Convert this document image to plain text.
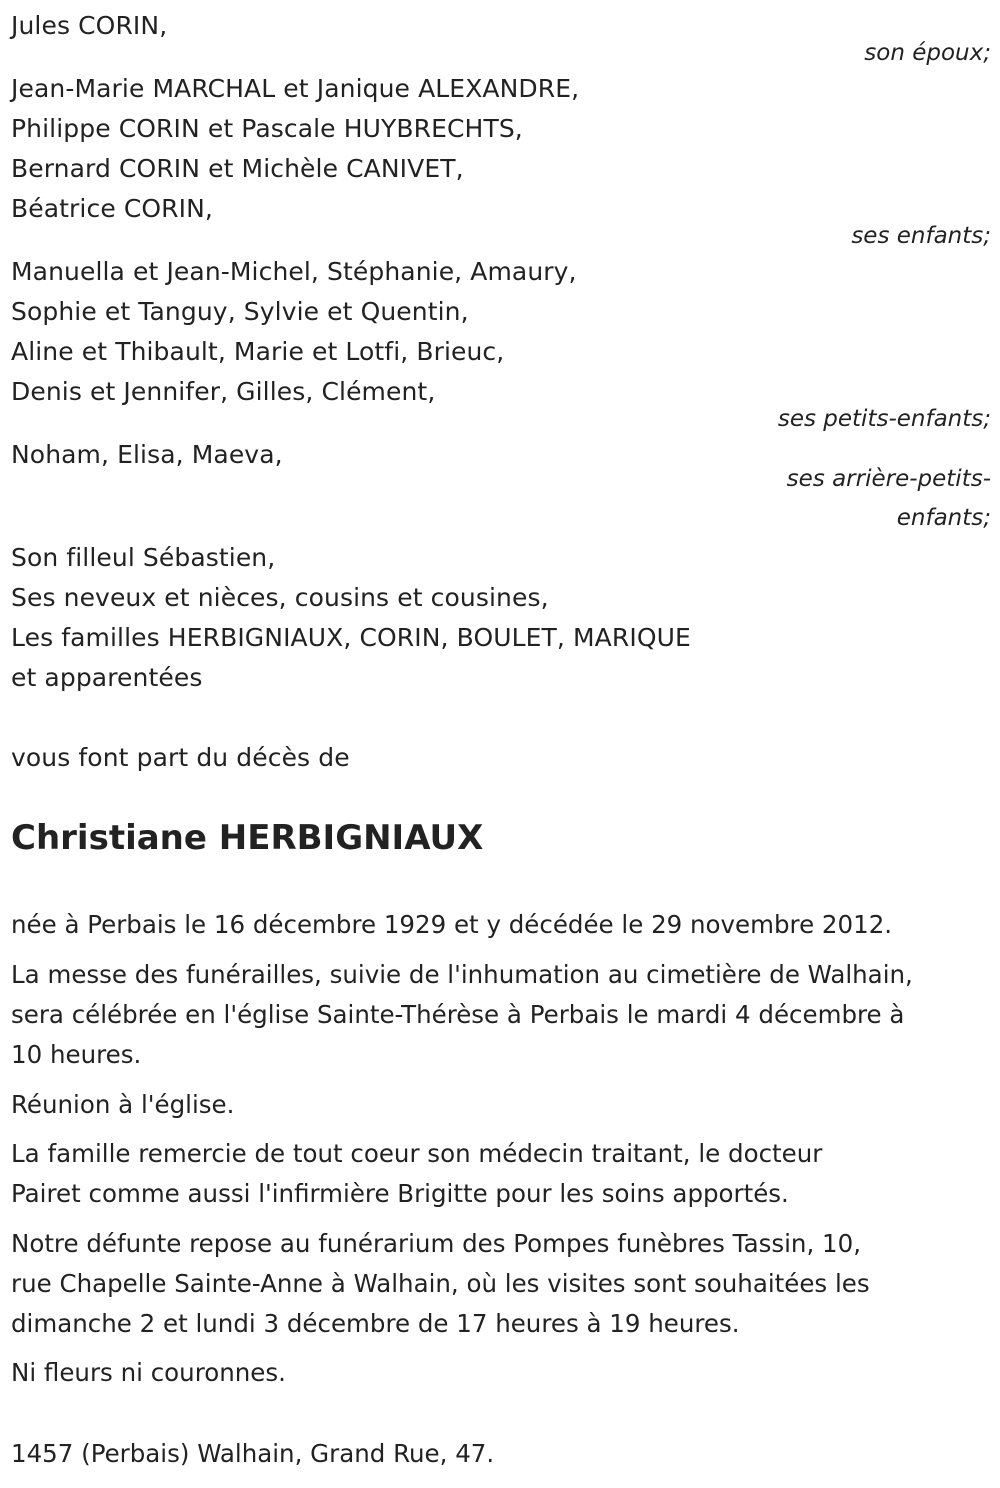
Jules CORIN,
son époux;
Jean-Marie MARCHAL et Janique ALEXANDRE,
Philippe CORIN et Pascale HUYBRECHTS,
Bernard CORIN et Michèle CANIVET,
Béatrice CORIN,
ses enfants;
Manuella et Jean-Michel, Stéphanie, Amaury,
Sophie et Tanguy, Sylvie et Quentin,
Aline et Thibault, Marie et Lotfi, Brieuc,
Denis et Jennifer, Gilles, Clément,
ses petits-enfants;
Noham, Elisa, Maeva,
ses arrière-petits-
enfants;
Son filleul Sébastien,
Ses neveux et nièces, cousins et cousines,
Les familles HERBIGNIAUX, CORIN, BOULET, MARIQUE
et apparentées
vous font part du décès de
Christiane HERBIGNIAUX
née à Perbais le 16 décembre 1929 et y décédée le 29 novembre 2012.
La messe des funérailles, suivie de l'inhumation au cimetière de Walhain,
sera célébrée en l'église Sainte-Thérèse à Perbais le mardi 4 décembre à
10 heures.
Réunion à l'église.
La famille remercie de tout coeur son médecin traitant, le docteur
Pairet comme aussi l'infirmière Brigitte pour les soins apportés.
Notre défunte repose au funérarium des Pompes funèbres Tassin, 10,
rue Chapelle Sainte-Anne à Walhain, où les visites sont souhaitées les
dimanche 2 et lundi 3 décembre de 17 heures à 19 heures.
Ni fleurs ni couronnes.
1457 (Perbais) Walhain, Grand Rue, 47.
